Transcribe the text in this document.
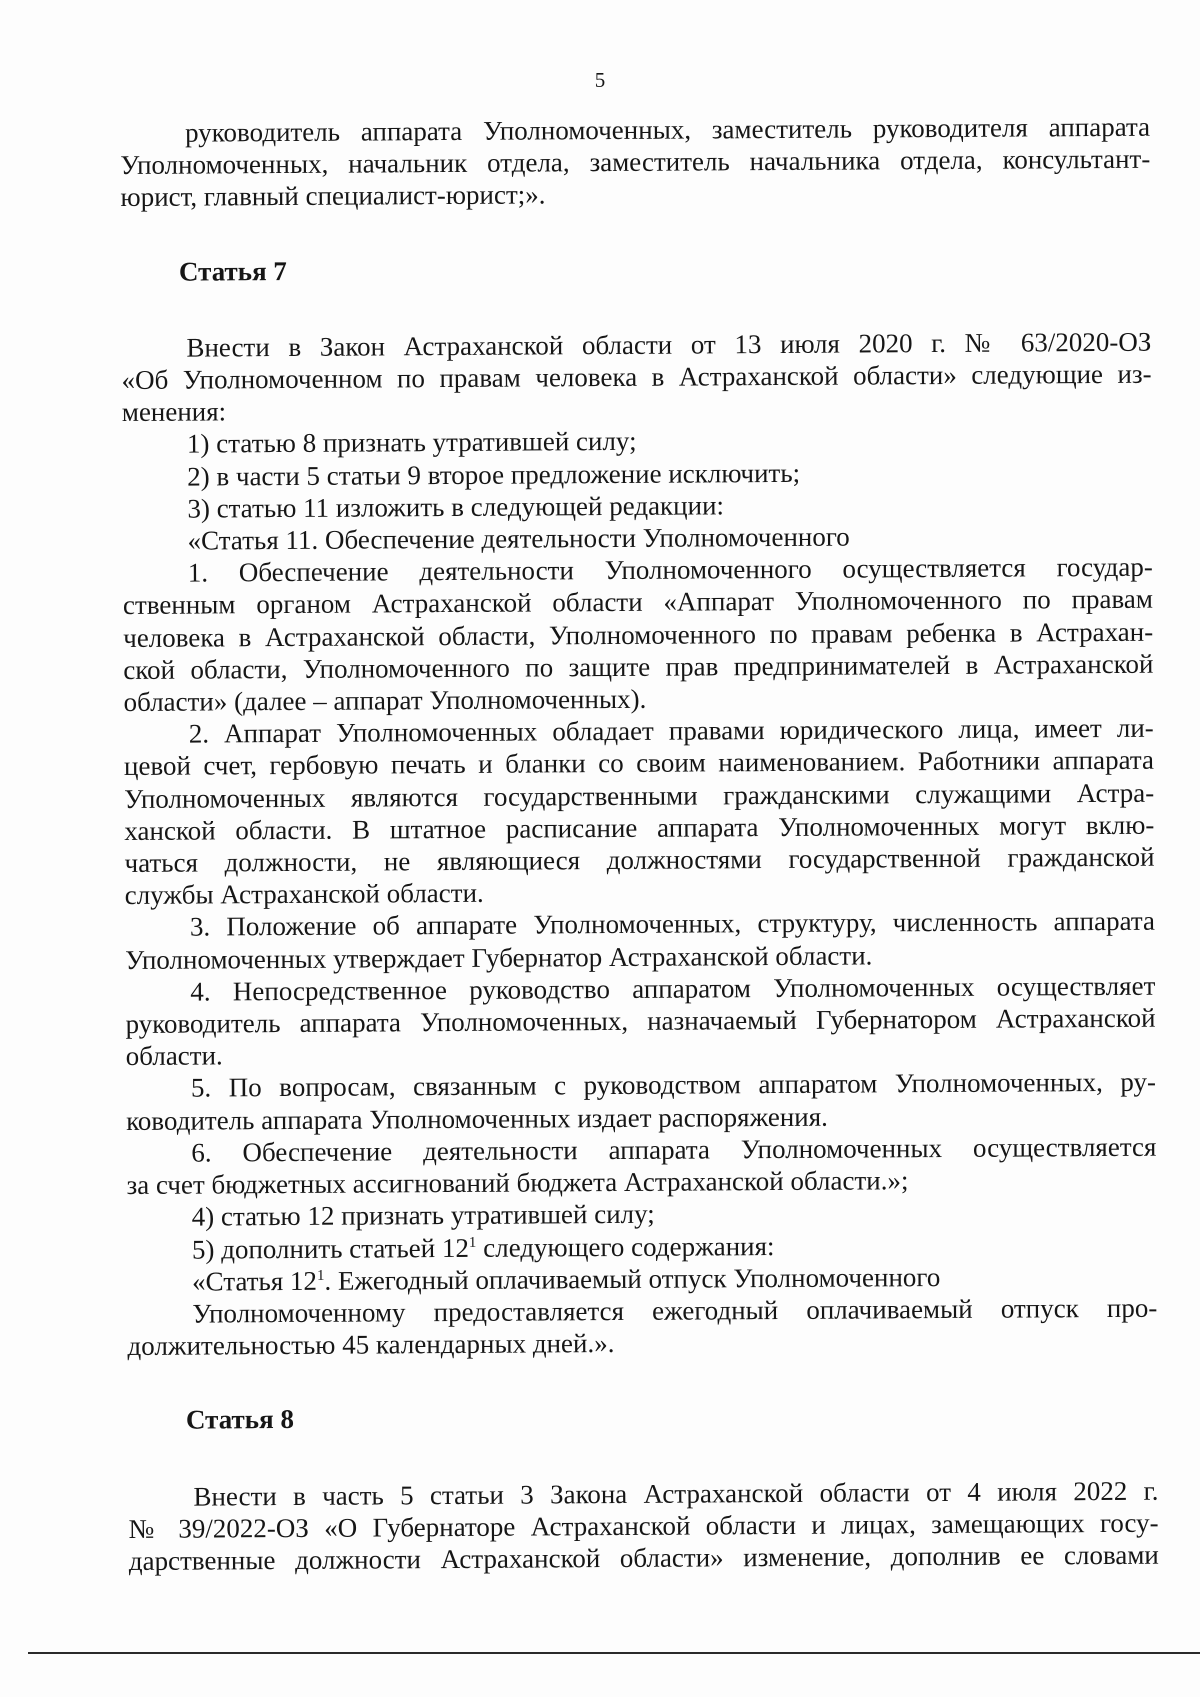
5
руководитель аппарата Уполномоченных, заместитель руководителя аппарата
Уполномоченных, начальник отдела, заместитель начальника отдела, консультант-
юрист, главный специалист-юрист;».
Статья 7
Внести в Закон Астраханской области от 13 июля 2020 г. № 63/2020-ОЗ
«Об Уполномоченном по правам человека в Астраханской области» следующие из-
менения:
1) статью 8 признать утратившей силу;
2) в части 5 статьи 9 второе предложение исключить;
3) статью 11 изложить в следующей редакции:
«Статья 11. Обеспечение деятельности Уполномоченного
1. Обеспечение деятельности Уполномоченного осуществляется государ-
ственным органом Астраханской области «Аппарат Уполномоченного по правам
человека в Астраханской области, Уполномоченного по правам ребенка в Астрахан-
ской области, Уполномоченного по защите прав предпринимателей в Астраханской
области» (далее – аппарат Уполномоченных).
2. Аппарат Уполномоченных обладает правами юридического лица, имеет ли-
цевой счет, гербовую печать и бланки со своим наименованием. Работники аппарата
Уполномоченных являются государственными гражданскими служащими Астра-
ханской области. В штатное расписание аппарата Уполномоченных могут вклю-
чаться должности, не являющиеся должностями государственной гражданской
службы Астраханской области.
3. Положение об аппарате Уполномоченных, структуру, численность аппарата
Уполномоченных утверждает Губернатор Астраханской области.
4. Непосредственное руководство аппаратом Уполномоченных осуществляет
руководитель аппарата Уполномоченных, назначаемый Губернатором Астраханской
области.
5. По вопросам, связанным с руководством аппаратом Уполномоченных, ру-
ководитель аппарата Уполномоченных издает распоряжения.
6. Обеспечение деятельности аппарата Уполномоченных осуществляется
за счет бюджетных ассигнований бюджета Астраханской области.»;
4) статью 12 признать утратившей силу;
5) дополнить статьей $12^1$ следующего содержания:
«Статья $12^1$. Ежегодный оплачиваемый отпуск Уполномоченного
Уполномоченному предоставляется ежегодный оплачиваемый отпуск про-
должительностью 45 календарных дней.».
Статья 8
Внести в часть 5 статьи 3 Закона Астраханской области от 4 июля 2022 г.
№ 39/2022-ОЗ «О Губернаторе Астраханской области и лицах, замещающих госу-
дарственные должности Астраханской области» изменение, дополнив ее словами
